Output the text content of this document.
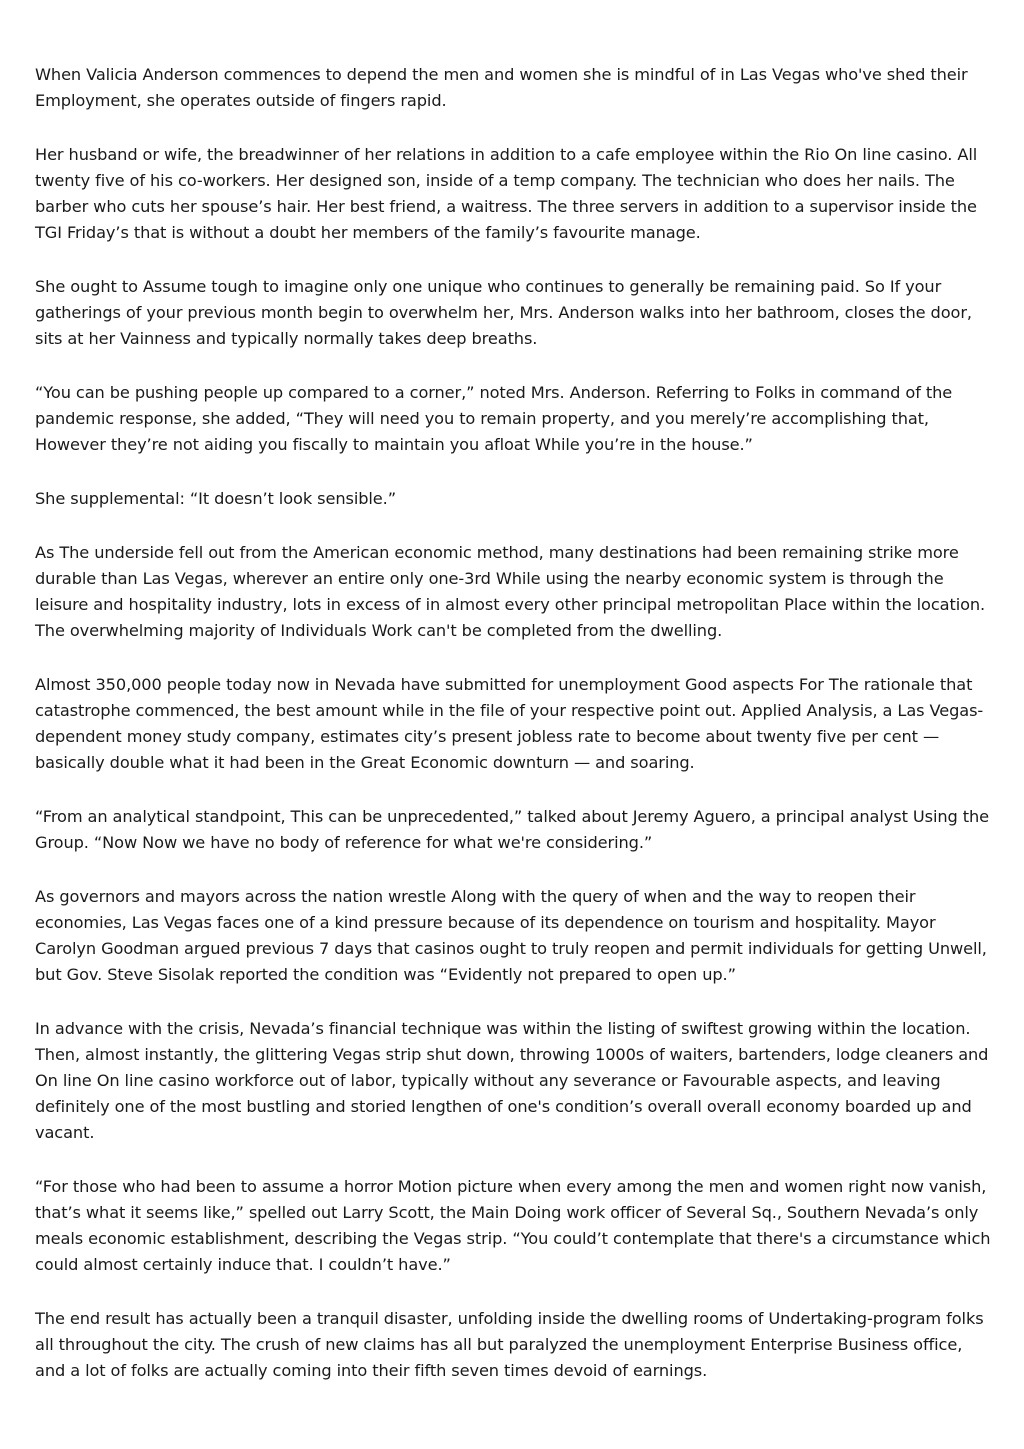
When Valicia Anderson commences to depend the men and women she is mindful of in Las Vegas who've shed their Employment, she operates outside of fingers rapid.

Her husband or wife, the breadwinner of her relations in addition to a cafe employee within the Rio On line casino. All twenty five of his co-workers. Her designed son, inside of a temp company. The technician who does her nails. The barber who cuts her spouse’s hair. Her best friend, a waitress. The three servers in addition to a supervisor inside the TGI Friday’s that is without a doubt her members of the family’s favourite manage.

She ought to Assume tough to imagine only one unique who continues to generally be remaining paid. So If your gatherings of your previous month begin to overwhelm her, Mrs. Anderson walks into her bathroom, closes the door, sits at her Vainness and typically normally takes deep breaths.

“You can be pushing people up compared to a corner,” noted Mrs. Anderson. Referring to Folks in command of the pandemic response, she added, “They will need you to remain property, and you merely’re accomplishing that, However they’re not aiding you fiscally to maintain you afloat While you’re in the house.”

She supplemental: “It doesn’t look sensible.”

As The underside fell out from the American economic method, many destinations had been remaining strike more durable than Las Vegas, wherever an entire only one-3rd While using the nearby economic system is through the leisure and hospitality industry, lots in excess of in almost every other principal metropolitan Place within the location. The overwhelming majority of Individuals Work can't be completed from the dwelling.

Almost 350,000 people today now in Nevada have submitted for unemployment Good aspects For The rationale that catastrophe commenced, the best amount while in the file of your respective point out. Applied Analysis, a Las Vegas-dependent money study company, estimates city’s present jobless rate to become about twenty five per cent — basically double what it had been in the Great Economic downturn — and soaring.

“From an analytical standpoint, This can be unprecedented,” talked about Jeremy Aguero, a principal analyst Using the Group. “Now Now we have no body of reference for what we're considering.”

As governors and mayors across the nation wrestle Along with the query of when and the way to reopen their economies, Las Vegas faces one of a kind pressure because of its dependence on tourism and hospitality. Mayor Carolyn Goodman argued previous 7 days that casinos ought to truly reopen and permit individuals for getting Unwell, but Gov. Steve Sisolak reported the condition was “Evidently not prepared to open up.”

In advance with the crisis, Nevada’s financial technique was within the listing of swiftest growing within the location. Then, almost instantly, the glittering Vegas strip shut down, throwing 1000s of waiters, bartenders, lodge cleaners and On line On line casino workforce out of labor, typically without any severance or Favourable aspects, and leaving definitely one of the most bustling and storied lengthen of one's condition’s overall overall economy boarded up and vacant.

“For those who had been to assume a horror Motion picture when every among the men and women right now vanish, that’s what it seems like,” spelled out Larry Scott, the Main Doing work officer of Several Sq., Southern Nevada’s only meals economic establishment, describing the Vegas strip. “You could’t contemplate that there's a circumstance which could almost certainly induce that. I couldn’t have.”

The end result has actually been a tranquil disaster, unfolding inside the dwelling rooms of Undertaking-program folks all throughout the city. The crush of new claims has all but paralyzed the unemployment Enterprise Business office, and a lot of folks are actually coming into their fifth seven times devoid of earnings.
